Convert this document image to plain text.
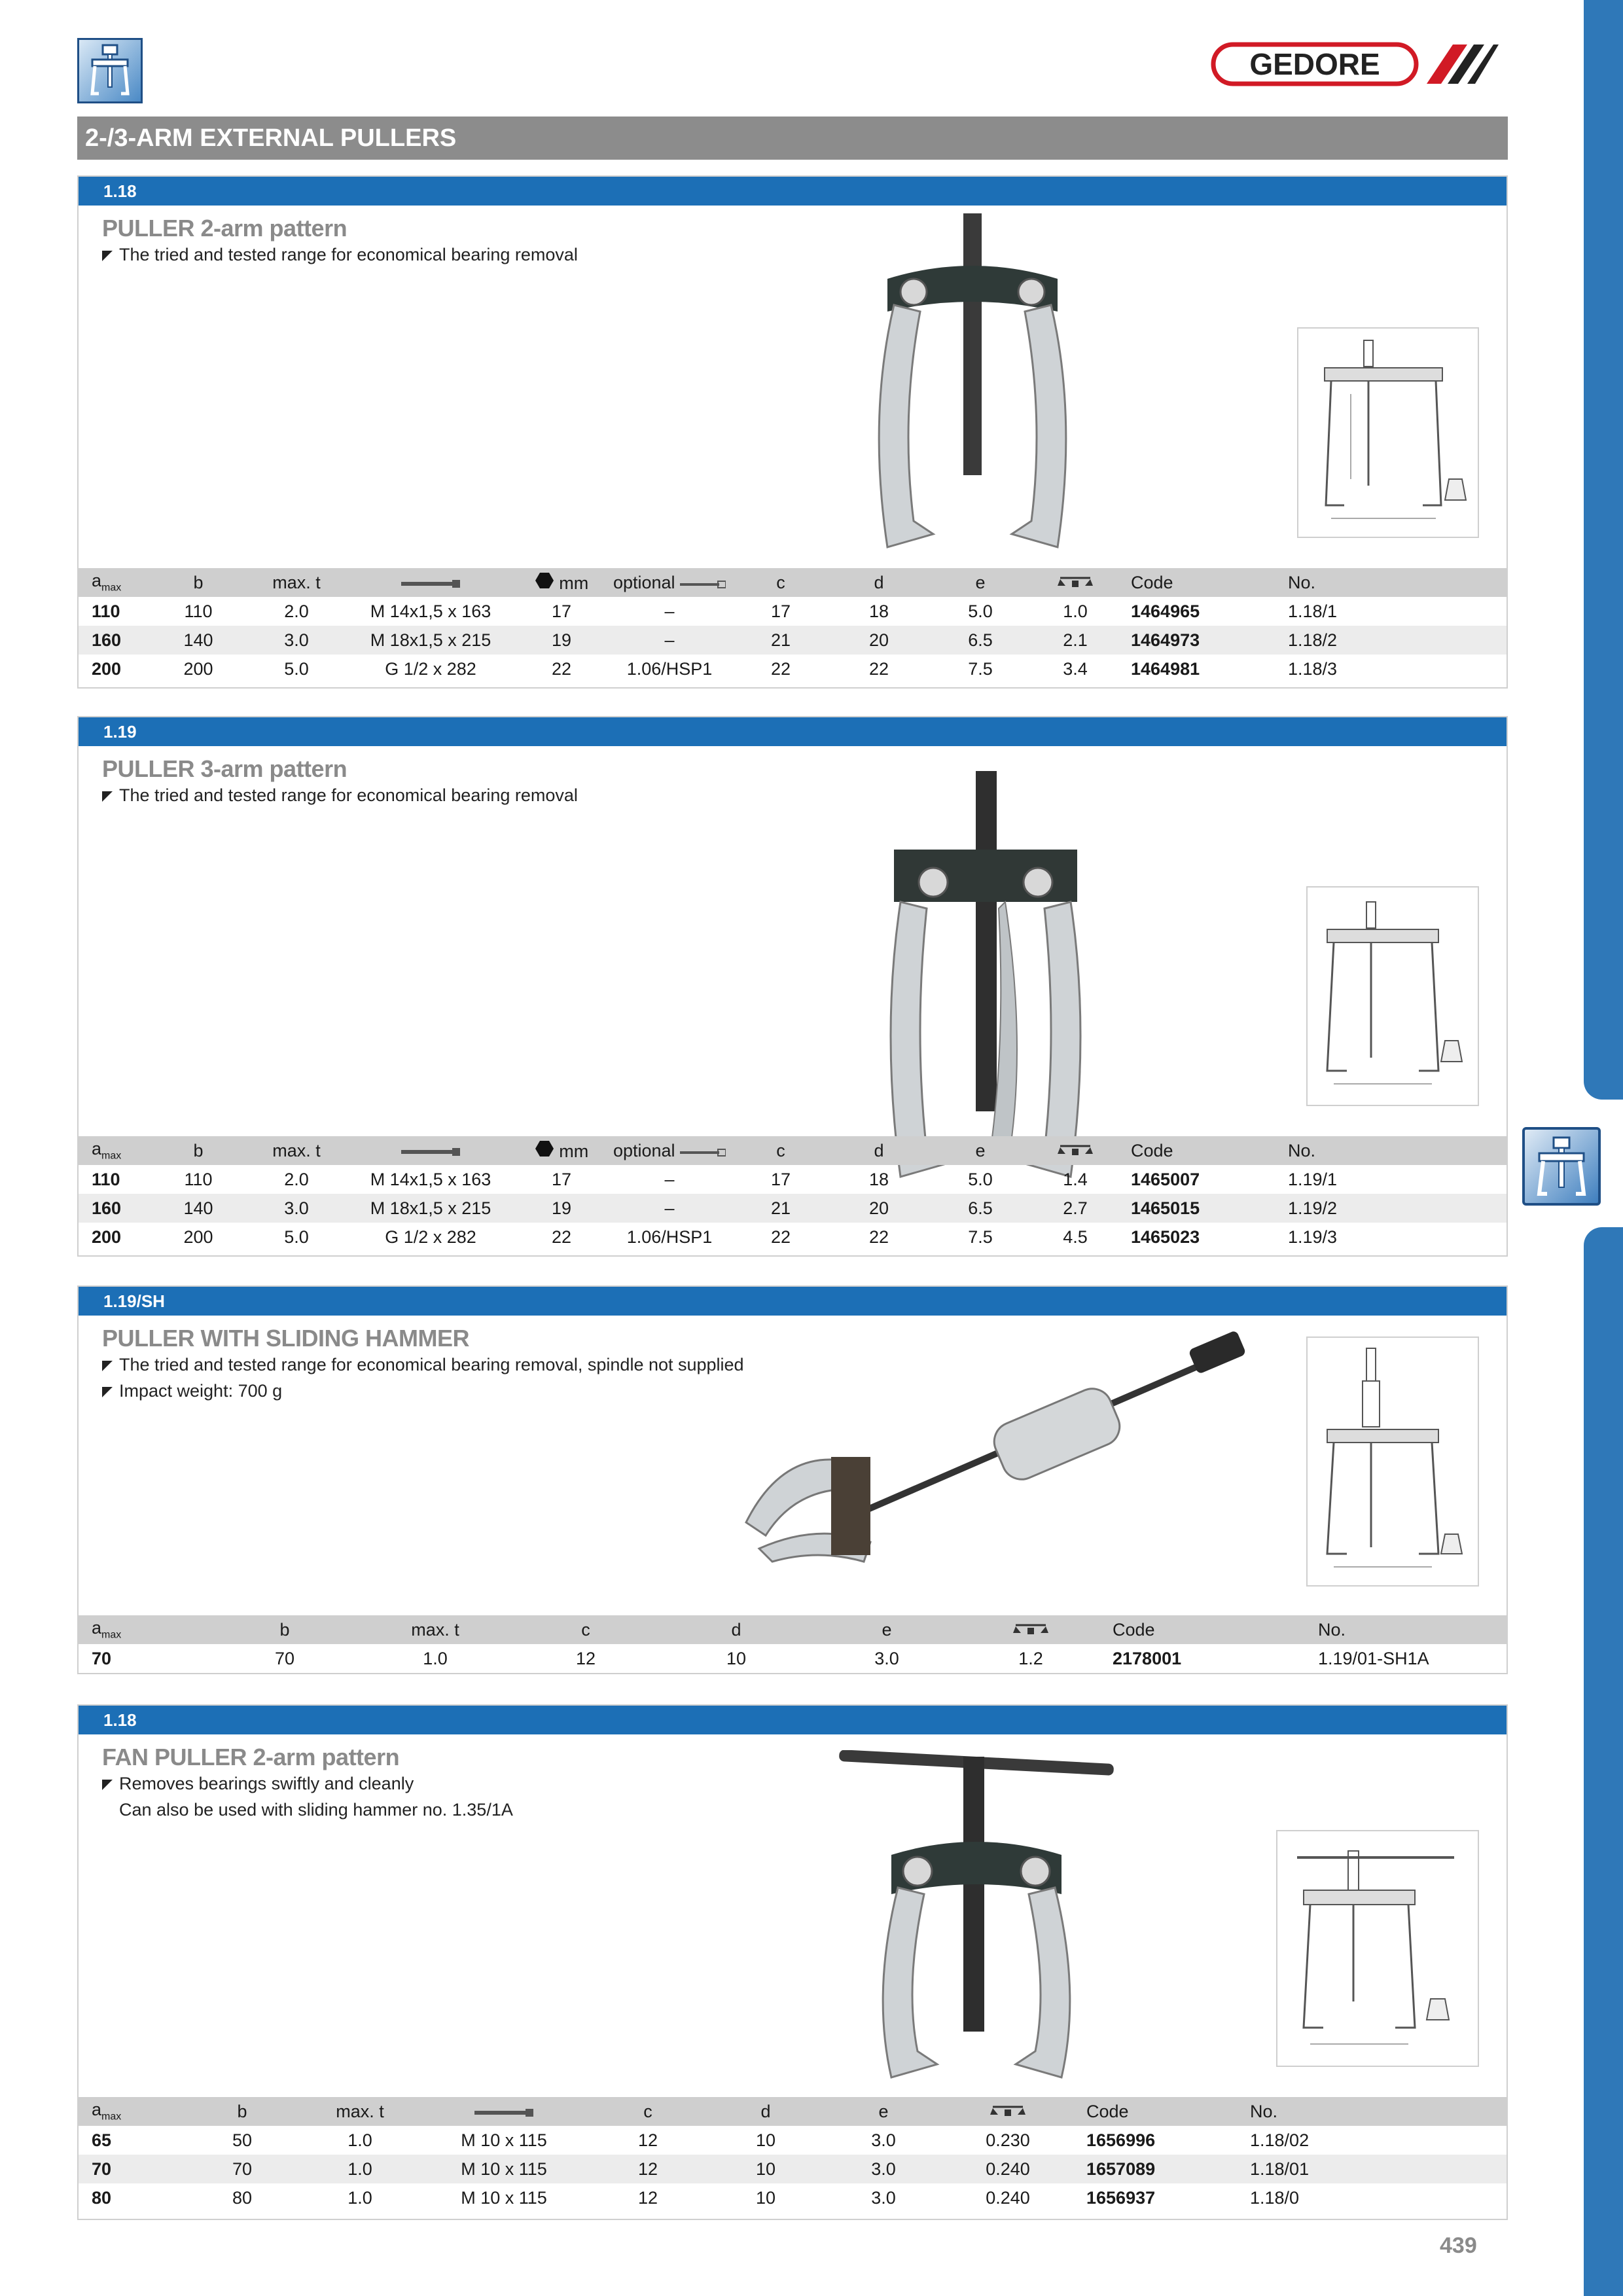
GEDORE
2-/3-ARM EXTERNAL PULLERS
1.18
PULLER 2-arm pattern
The tried and tested range for economical bearing removal
$a_{max}$	b	max. t		mm	optional	c	d	e		Code	No.
110	110	2.0	M 14x1,5 x 163	17	–	17	18	5.0	1.0	1464965	1.18/1
160	140	3.0	M 18x1,5 x 215	19	–	21	20	6.5	2.1	1464973	1.18/2
200	200	5.0	G 1/2 x 282	22	1.06/HSP1	22	22	7.5	3.4	1464981	1.18/3
1.19
PULLER 3-arm pattern
The tried and tested range for economical bearing removal
$a_{max}$	b	max. t		mm	optional	c	d	e		Code	No.
110	110	2.0	M 14x1,5 x 163	17	–	17	18	5.0	1.4	1465007	1.19/1
160	140	3.0	M 18x1,5 x 215	19	–	21	20	6.5	2.7	1465015	1.19/2
200	200	5.0	G 1/2 x 282	22	1.06/HSP1	22	22	7.5	4.5	1465023	1.19/3
1.19/SH
PULLER WITH SLIDING HAMMER
The tried and tested range for economical bearing removal, spindle not supplied
Impact weight: 700 g
$a_{max}$	b	max. t	c	d	e		Code	No.
70	70	1.0	12	10	3.0	1.2	2178001	1.19/01-SH1A
1.18
FAN PULLER 2-arm pattern
Removes bearings swiftly and cleanly
Can also be used with sliding hammer no. 1.35/1A
$a_{max}$	b	max. t		c	d	e		Code	No.
65	50	1.0	M 10 x 115	12	10	3.0	0.230	1656996	1.18/02
70	70	1.0	M 10 x 115	12	10	3.0	0.240	1657089	1.18/01
80	80	1.0	M 10 x 115	12	10	3.0	0.240	1656937	1.18/0
439
